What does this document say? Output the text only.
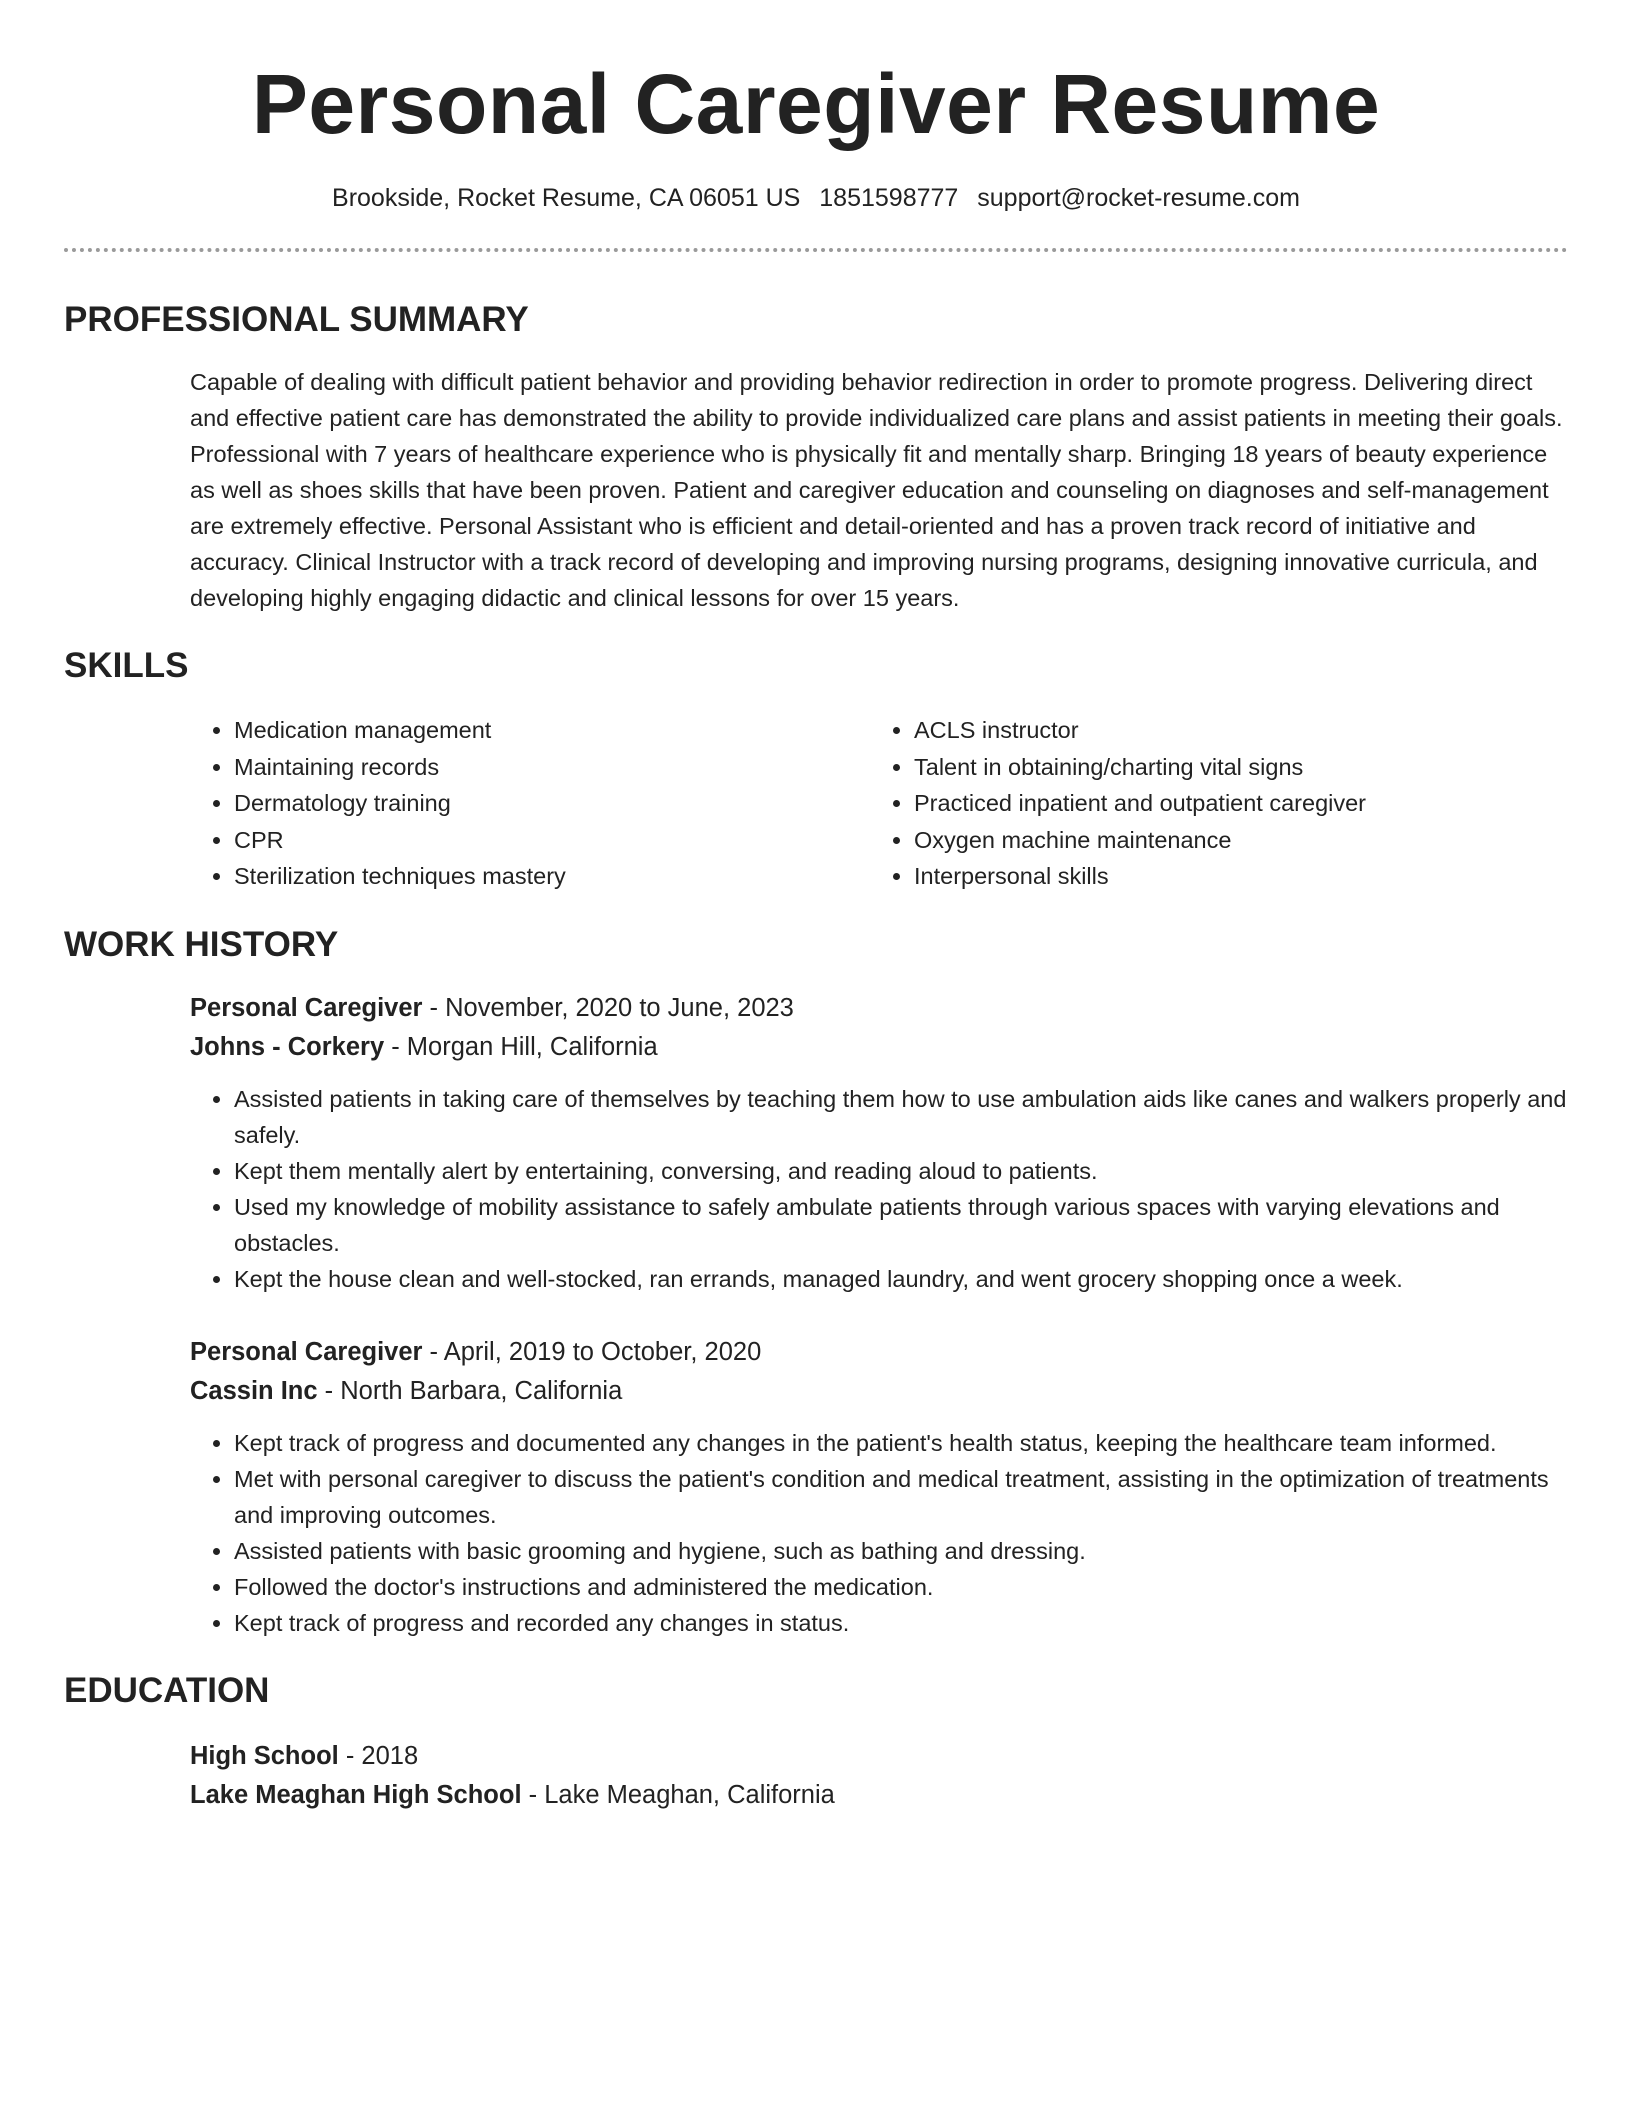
Personal Caregiver Resume
Brookside, Rocket Resume, CA 06051 US 1851598777 support@rocket-resume.com
PROFESSIONAL SUMMARY
Capable of dealing with difficult patient behavior and providing behavior redirection in order to promote progress. Delivering direct and effective patient care has demonstrated the ability to provide individualized care plans and assist patients in meeting their goals. Professional with 7 years of healthcare experience who is physically fit and mentally sharp. Bringing 18 years of beauty experience as well as shoes skills that have been proven. Patient and caregiver education and counseling on diagnoses and self-management are extremely effective. Personal Assistant who is efficient and detail-oriented and has a proven track record of initiative and accuracy. Clinical Instructor with a track record of developing and improving nursing programs, designing innovative curricula, and developing highly engaging didactic and clinical lessons for over 15 years.
SKILLS
• Medication management
• Maintaining records
• Dermatology training
• CPR
• Sterilization techniques mastery
• ACLS instructor
• Talent in obtaining/charting vital signs
• Practiced inpatient and outpatient caregiver
• Oxygen machine maintenance
• Interpersonal skills
WORK HISTORY
Personal Caregiver - November, 2020 to June, 2023
Johns - Corkery - Morgan Hill, California
• Assisted patients in taking care of themselves by teaching them how to use ambulation aids like canes and walkers properly and safely.
• Kept them mentally alert by entertaining, conversing, and reading aloud to patients.
• Used my knowledge of mobility assistance to safely ambulate patients through various spaces with varying elevations and obstacles.
• Kept the house clean and well-stocked, ran errands, managed laundry, and went grocery shopping once a week.
Personal Caregiver - April, 2019 to October, 2020
Cassin Inc - North Barbara, California
• Kept track of progress and documented any changes in the patient's health status, keeping the healthcare team informed.
• Met with personal caregiver to discuss the patient's condition and medical treatment, assisting in the optimization of treatments and improving outcomes.
• Assisted patients with basic grooming and hygiene, such as bathing and dressing.
• Followed the doctor's instructions and administered the medication.
• Kept track of progress and recorded any changes in status.
EDUCATION
High School - 2018
Lake Meaghan High School - Lake Meaghan, California
